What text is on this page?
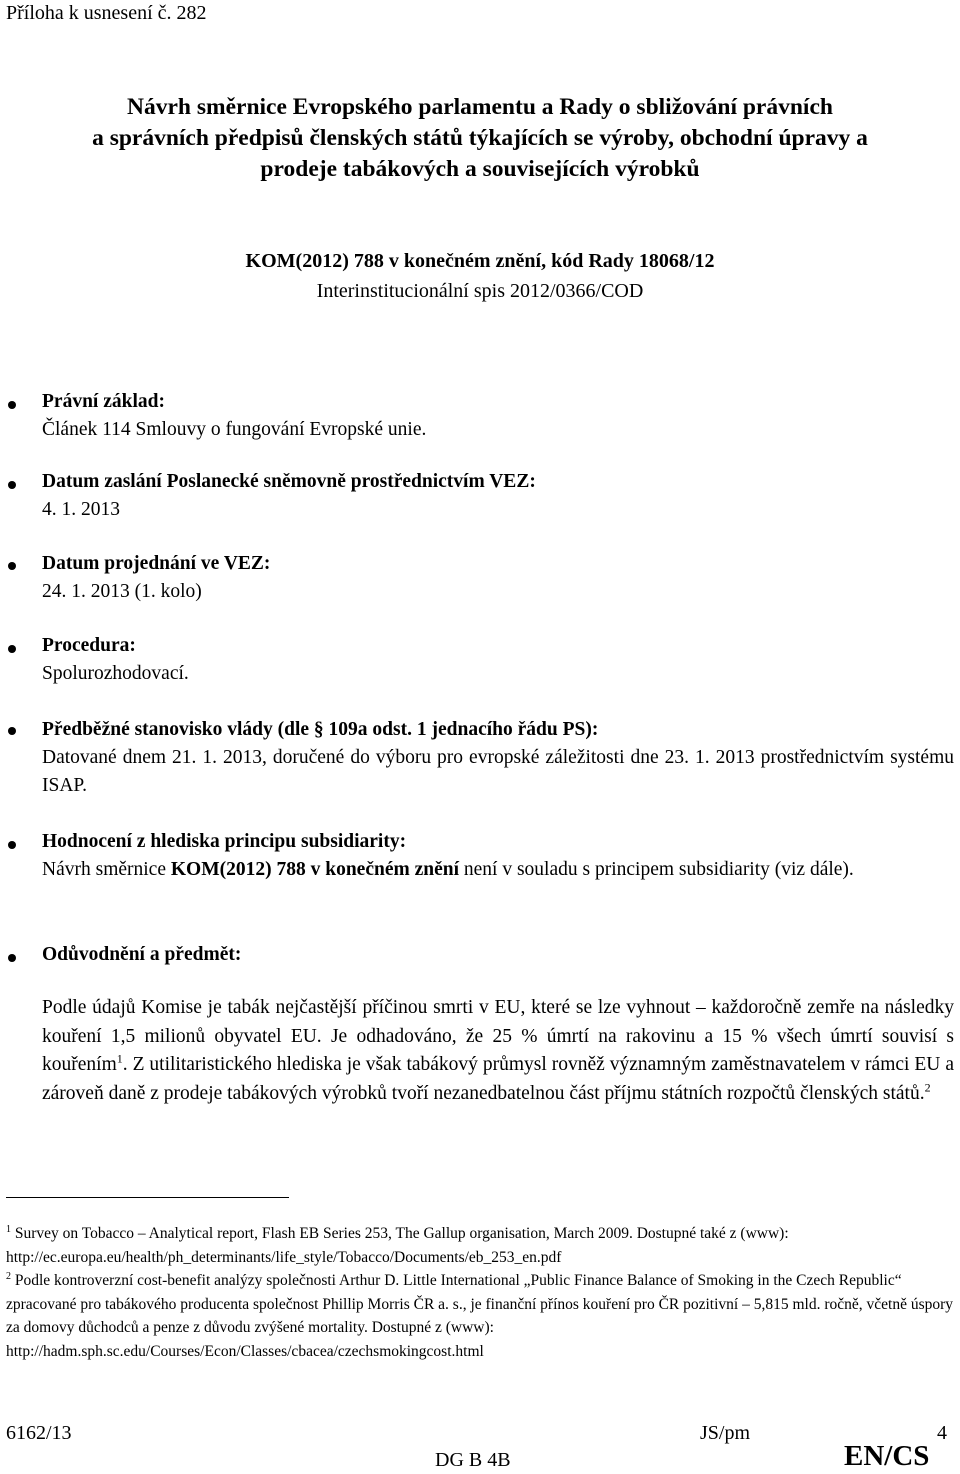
Příloha k usnesení č. 282
Návrh směrnice Evropského parlamentu a Rady o sbližování právních
a správních předpisů členských států týkajících se výroby, obchodní úpravy a
prodeje tabákových a souvisejících výrobků
KOM(2012) 788 v konečném znění, kód Rady 18068/12
Interinstitucionální spis 2012/0366/COD
Právní základ:
Článek 114 Smlouvy o fungování Evropské unie.
Datum zaslání Poslanecké sněmovně prostřednictvím VEZ:
4. 1. 2013
Datum projednání ve VEZ:
24. 1. 2013 (1. kolo)
Procedura:
Spolurozhodovací.
Předběžné stanovisko vlády (dle § 109a odst. 1 jednacího řádu PS):
Datované dnem 21. 1. 2013, doručené do výboru pro evropské záležitosti dne 23. 1. 2013 prostřednictvím systému ISAP.
Hodnocení z hlediska principu subsidiarity:
Návrh směrnice KOM(2012) 788 v konečném znění není v souladu s principem subsidiarity (viz dále).
Odůvodnění a předmět:
Podle údajů Komise je tabák nejčastější příčinou smrti v EU, které se lze vyhnout – každoročně zemře na následky kouření 1,5 milionů obyvatel EU. Je odhadováno, že 25 % úmrtí na rakovinu a 15 % všech úmrtí souvisí s kouřením$^1$. Z utilitaristického hlediska je však tabákový průmysl rovněž významným zaměstnavatelem v rámci EU a zároveň daně z prodeje tabákových výrobků tvoří nezanedbatelnou část příjmu státních rozpočtů členských států.$^2$
$^1$ Survey on Tobacco – Analytical report, Flash EB Series 253, The Gallup organisation, March 2009. Dostupné také z (www): http://ec.europa.eu/health/ph_determinants/life_style/Tobacco/Documents/eb_253_en.pdf
$^2$ Podle kontroverzní cost-benefit analýzy společnosti Arthur D. Little International „Public Finance Balance of Smoking in the Czech Republic“ zpracované pro tabákového producenta společnost Phillip Morris ČR a. s., je finanční přínos kouření pro ČR pozitivní – 5,815 mld. ročně, včetně úspory za domovy důchodců a penze z důvodu zvýšené mortality. Dostupné z (www):
http://hadm.sph.sc.edu/Courses/Econ/Classes/cbacea/czechsmokingcost.html
6162/13	JS/pm	4
DG B 4B	EN/CS
